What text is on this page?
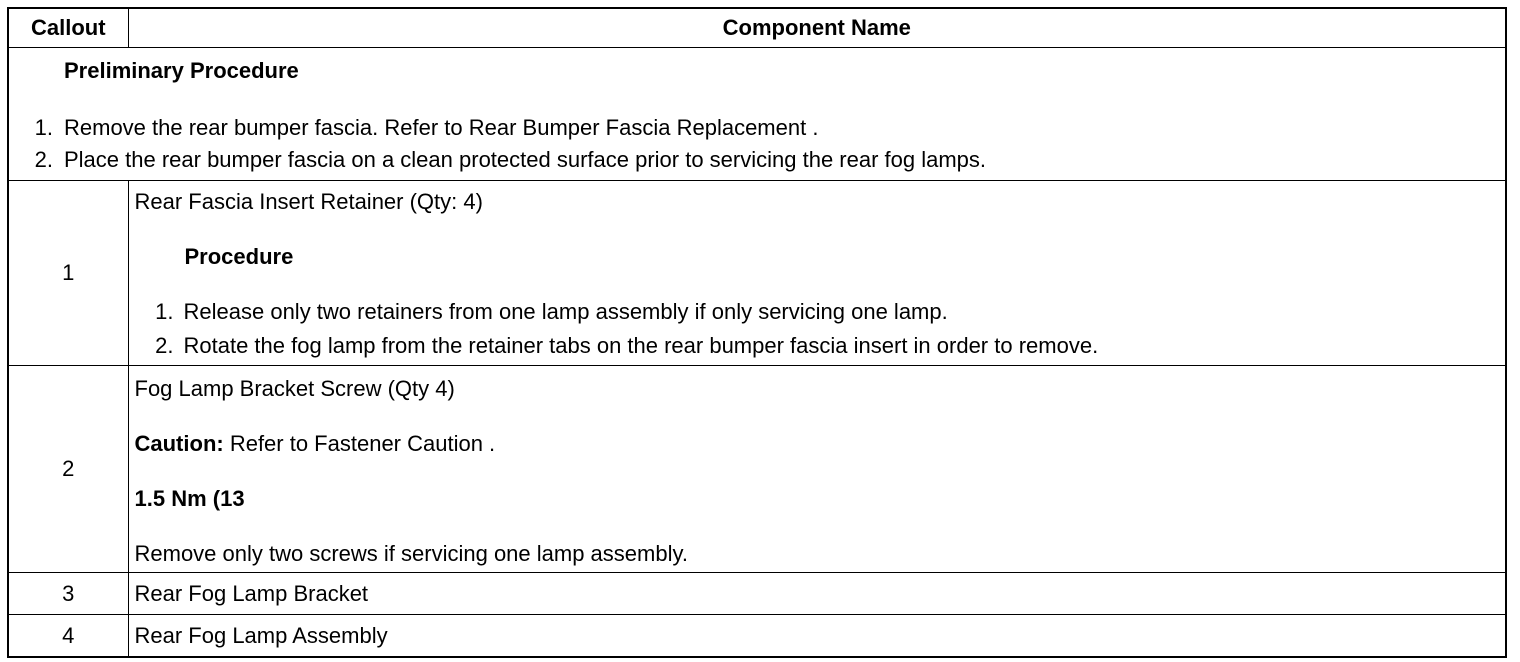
Callout	Component Name

Preliminary Procedure
1. Remove the rear bumper fascia. Refer to Rear Bumper Fascia Replacement .
2. Place the rear bumper fascia on a clean protected surface prior to servicing the rear fog lamps.	

1	Rear Fascia Insert Retainer (Qty: 4)
Procedure
1. Release only two retainers from one lamp assembly if only servicing one lamp.
2. Rotate the fog lamp from the retainer tabs on the rear bumper fascia insert in order to remove.

2	Fog Lamp Bracket Screw (Qty 4)
Caution: Refer to Fastener Caution .
1.5 Nm (13
Remove only two screws if servicing one lamp assembly.

3	Rear Fog Lamp Bracket
4	Rear Fog Lamp Assembly
